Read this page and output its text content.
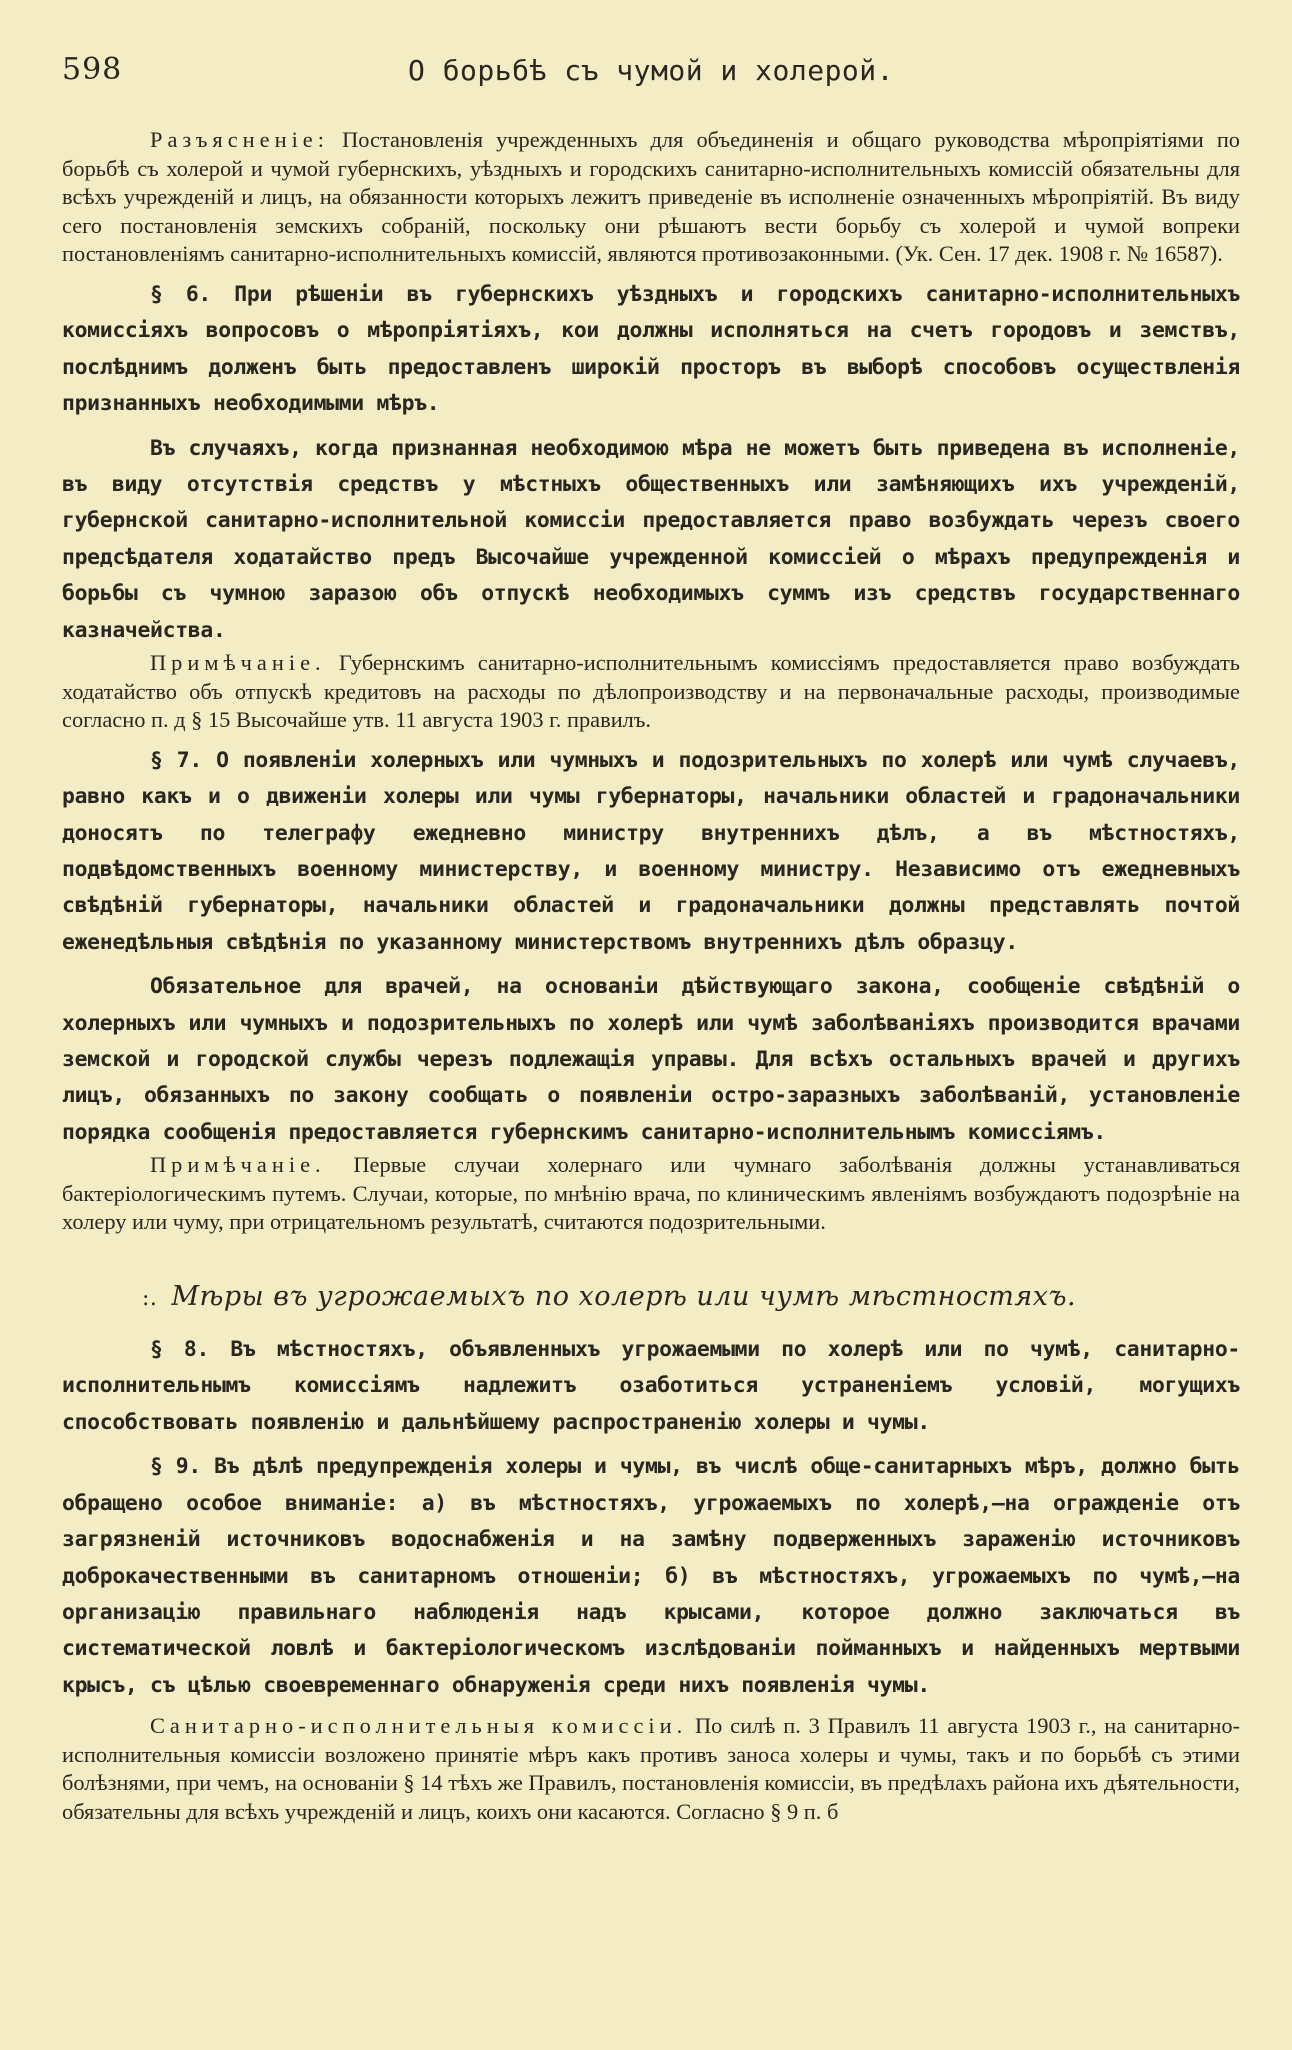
598	О борьбѣ съ чумой и холерой.

Разъясненіе: Постановленія учрежденныхъ для объединенія и общаго руководства мѣропріятіями по борьбѣ съ холерой и чумой губернскихъ, уѣздныхъ и городскихъ санитарно-исполнительныхъ комиссій обязательны для всѣхъ учрежденій и лицъ, на обязанности которыхъ лежитъ приведеніе въ исполненіе означенныхъ мѣропріятій. Въ виду сего постановленія земскихъ собраній, поскольку они рѣшаютъ вести борьбу съ холерой и чумой вопреки постановленіямъ санитарно-исполнительныхъ комиссій, являются противозаконными. (Ук. Сен. 17 дек. 1908 г. № 16587).

§ 6. При рѣшеніи въ губернскихъ уѣздныхъ и городскихъ санитарно-исполнительныхъ комиссіяхъ вопросовъ о мѣропріятіяхъ, кои должны исполняться на счетъ городовъ и земствъ, послѣднимъ долженъ быть предоставленъ широкій просторъ въ выборѣ способовъ осуществленія признанныхъ необходимыми мѣръ.

Въ случаяхъ, когда признанная необходимою мѣра не можетъ быть приведена въ исполненіе, въ виду отсутствія средствъ у мѣстныхъ общественныхъ или замѣняющихъ ихъ учрежденій, губернской санитарно-исполнительной комиссіи предоставляется право возбуждать черезъ своего предсѣдателя ходатайство предъ Высочайше учрежденной комиссіей о мѣрахъ предупрежденія и борьбы съ чумною заразою объ отпускѣ необходимыхъ суммъ изъ средствъ государственнаго казначейства.

Примѣчаніе. Губернскимъ санитарно-исполнительнымъ комиссіямъ предоставляется право возбуждать ходатайство объ отпускѣ кредитовъ на расходы по дѣлопроизводству и на первоначальные расходы, производимые согласно п. д § 15 Высочайше утв. 11 августа 1903 г. правилъ.

§ 7. О появленіи холерныхъ или чумныхъ и подозрительныхъ по холерѣ или чумѣ случаевъ, равно какъ и о движеніи холеры или чумы губернаторы, начальники областей и градоначальники доносятъ по телеграфу ежедневно министру внутреннихъ дѣлъ, а въ мѣстностяхъ, подвѣдомственныхъ военному министерству, и военному министру. Независимо отъ ежедневныхъ свѣдѣній губернаторы, начальники областей и градоначальники должны представлять почтой еженедѣльныя свѣдѣнія по указанному министерствомъ внутреннихъ дѣлъ образцу.

Обязательное для врачей, на основаніи дѣйствующаго закона, сообщеніе свѣдѣній о холерныхъ или чумныхъ и подозрительныхъ по холерѣ или чумѣ заболѣваніяхъ производится врачами земской и городской службы черезъ подлежащія управы. Для всѣхъ остальныхъ врачей и другихъ лицъ, обязанныхъ по закону сообщать о появленіи остро-заразныхъ заболѣваній, установленіе порядка сообщенія предоставляется губернскимъ санитарно-исполнительнымъ комиссіямъ.

Примѣчаніе. Первые случаи холернаго или чумнаго заболѣванія должны устанавливаться бактеріологическимъ путемъ. Случаи, которые, по мнѣнію врача, по клиническимъ явленіямъ возбуждаютъ подозрѣніе на холеру или чуму, при отрицательномъ результатѣ, считаются подозрительными.

:. Мѣры въ угрожаемыхъ по холерѣ или чумѣ мѣстностяхъ.

§ 8. Въ мѣстностяхъ, объявленныхъ угрожаемыми по холерѣ или по чумѣ, санитарно-исполнительнымъ комиссіямъ надлежитъ озаботиться устраненіемъ условій, могущихъ способствовать появленію и дальнѣйшему распространенію холеры и чумы.

§ 9. Въ дѣлѣ предупрежденія холеры и чумы, въ числѣ обще-санитарныхъ мѣръ, должно быть обращено особое вниманіе: а) въ мѣстностяхъ, угрожаемыхъ по холерѣ,—на огражденіе отъ загрязненій источниковъ водоснабженія и на замѣну подверженныхъ зараженію источниковъ доброкачественными въ санитарномъ отношеніи; б) въ мѣстностяхъ, угрожаемыхъ по чумѣ,—на организацію правильнаго наблюденія надъ крысами, которое должно заключаться въ систематической ловлѣ и бактеріологическомъ изслѣдованіи пойманныхъ и найденныхъ мертвыми крысъ, съ цѣлью своевременнаго обнаруженія среди нихъ появленія чумы.

Санитарно-исполнительныя комиссіи. По силѣ п. 3 Правилъ 11 августа 1903 г., на санитарно-исполнительныя комиссіи возложено принятіе мѣръ какъ противъ заноса холеры и чумы, такъ и по борьбѣ съ этими болѣзнями, при чемъ, на основаніи § 14 тѣхъ же Правилъ, постановленія комиссіи, въ предѣлахъ района ихъ дѣятельности, обязательны для всѣхъ учрежденій и лицъ, коихъ они касаются. Согласно § 9 п. б
